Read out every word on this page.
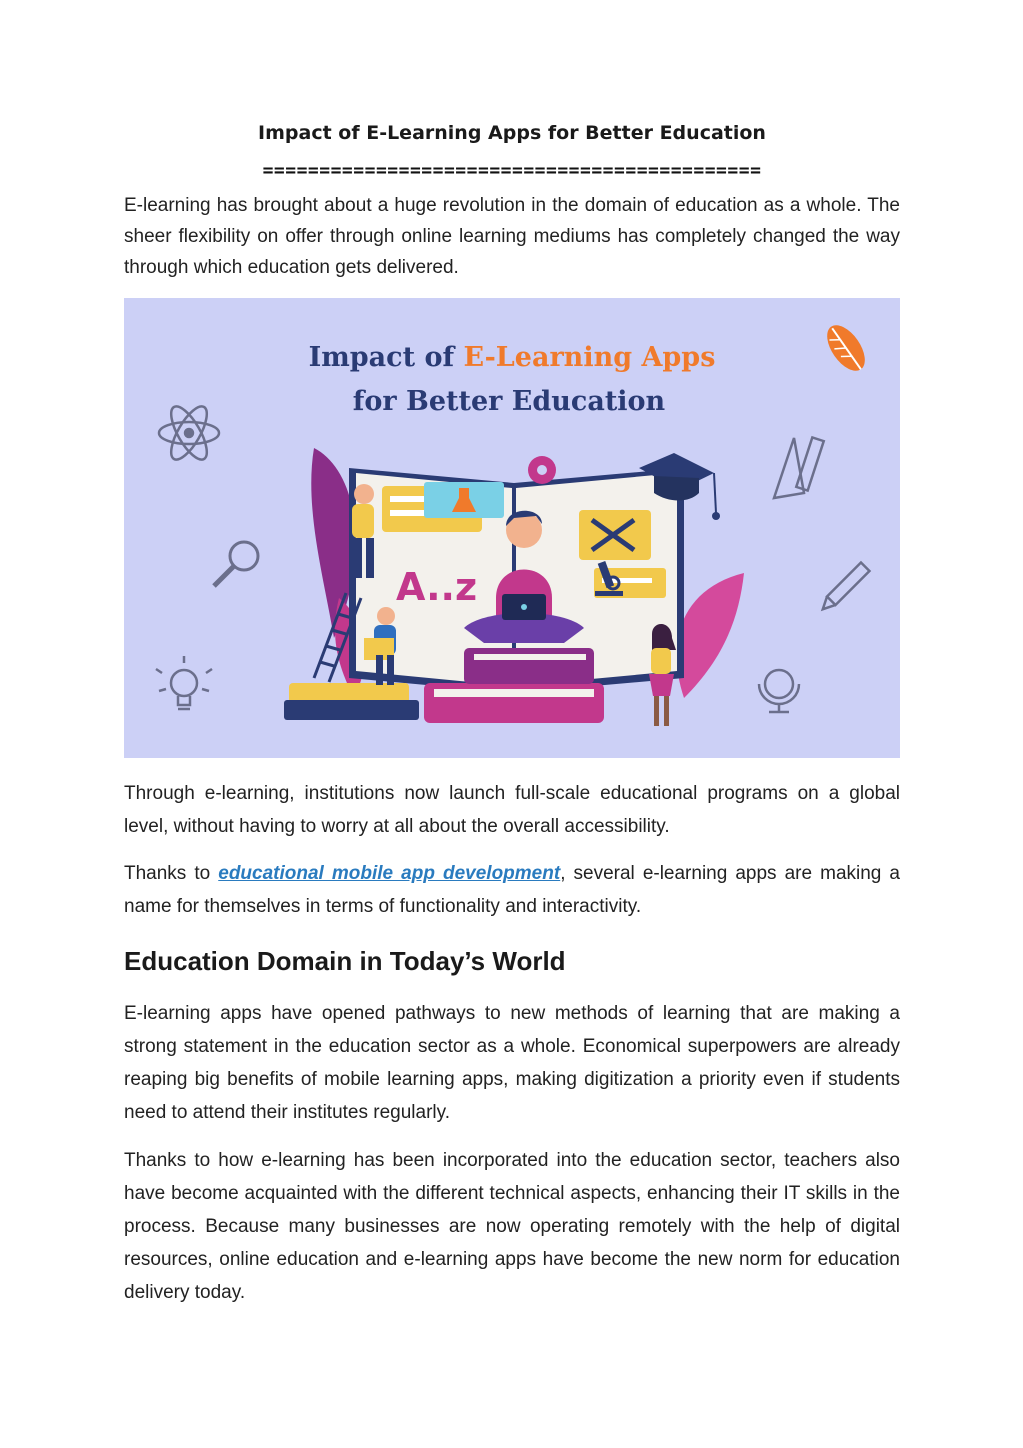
Impact of E-Learning Apps for Better Education
============================================

E-learning has brought about a huge revolution in the domain of education as a whole. The sheer flexibility on offer through online learning mediums has completely changed the way through which education gets delivered.

Impact of E-Learning Apps
for Better Education
A..z

Through e-learning, institutions now launch full-scale educational programs on a global level, without having to worry at all about the overall accessibility.

Thanks to educational mobile app development, several e-learning apps are making a name for themselves in terms of functionality and interactivity.

Education Domain in Today’s World

E-learning apps have opened pathways to new methods of learning that are making a strong statement in the education sector as a whole. Economical superpowers are already reaping big benefits of mobile learning apps, making digitization a priority even if students need to attend their institutes regularly.

Thanks to how e-learning has been incorporated into the education sector, teachers also have become acquainted with the different technical aspects, enhancing their IT skills in the process. Because many businesses are now operating remotely with the help of digital resources, online education and e-learning apps have become the new norm for education delivery today.
